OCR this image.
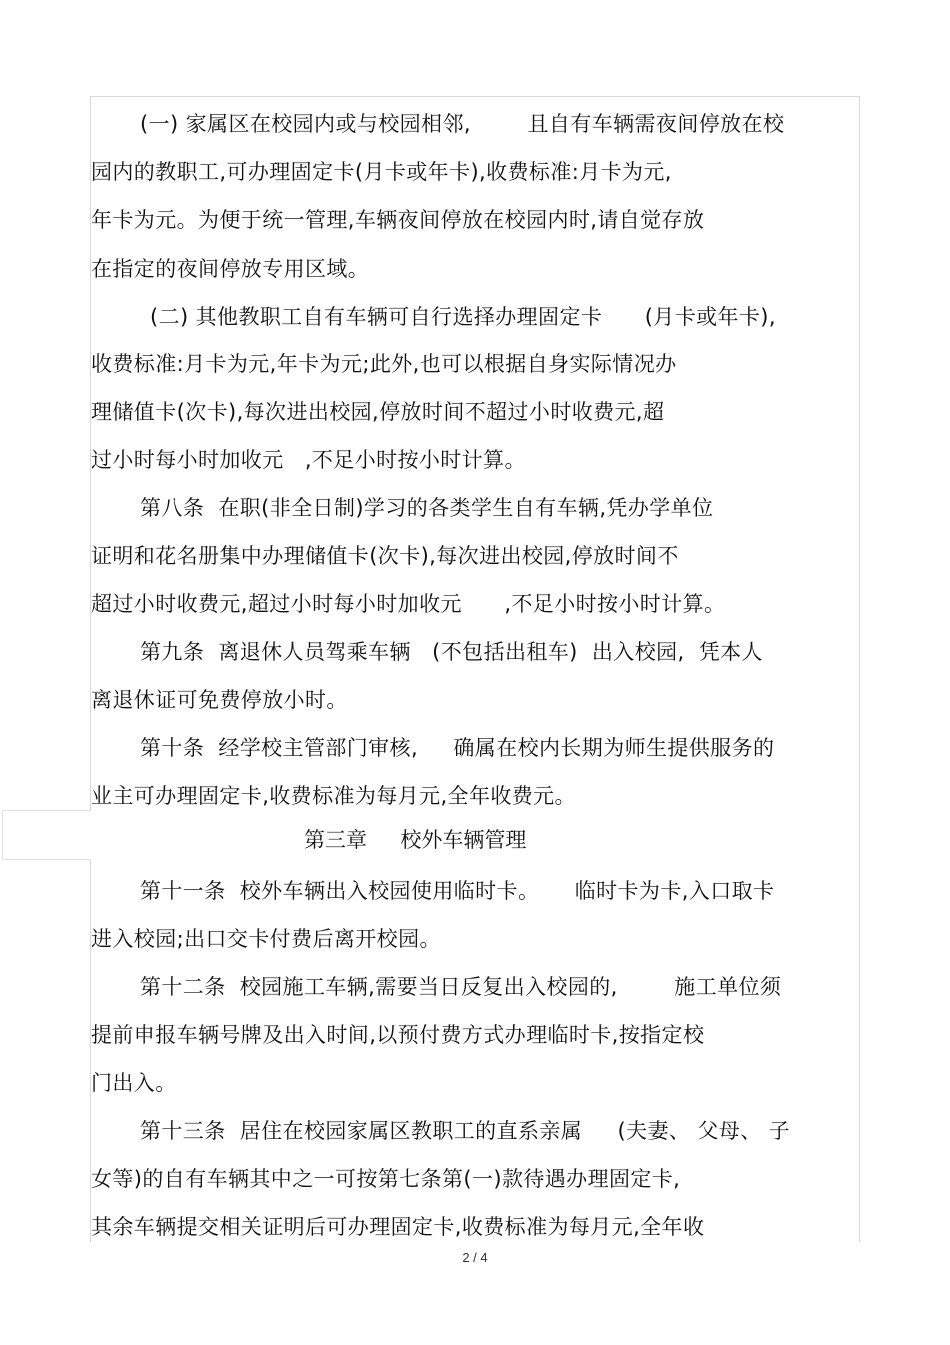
(一) 家属区在校园内或与校园相邻,        且自有车辆需夜间停放在校
园内的教职工,可办理固定卡(月卡或年卡),收费标准:月卡为元,
年卡为元。为便于统一管理,车辆夜间停放在校园内时,请自觉存放
在指定的夜间停放专用区域。
(二) 其他教职工自有车辆可自行选择办理固定卡      (月卡或年卡),
收费标准:月卡为元,年卡为元;此外,也可以根据自身实际情况办
理储值卡(次卡),每次进出校园,停放时间不超过小时收费元,超
过小时每小时加收元   ,不足小时按小时计算。
第八条  在职(非全日制)学习的各类学生自有车辆,凭办学单位
证明和花名册集中办理储值卡(次卡),每次进出校园,停放时间不
超过小时收费元,超过小时每小时加收元      ,不足小时按小时计算。
第九条  离退休人员驾乘车辆   (不包括出租车)  出入校园,  凭本人
离退休证可免费停放小时。
第十条  经学校主管部门审核,     确属在校内长期为师生提供服务的
业主可办理固定卡,收费标准为每月元,全年收费元。
第三章     校外车辆管理
第十一条  校外车辆出入校园使用临时卡。     临时卡为卡,入口取卡
进入校园;出口交卡付费后离开校园。
第十二条  校园施工车辆,需要当日反复出入校园的,        施工单位须
提前申报车辆号牌及出入时间,以预付费方式办理临时卡,按指定校
门出入。
第十三条  居住在校园家属区教职工的直系亲属     (夫妻、 父母、 子
女等)的自有车辆其中之一可按第七条第(一)款待遇办理固定卡,
其余车辆提交相关证明后可办理固定卡,收费标准为每月元,全年收
2 / 4
